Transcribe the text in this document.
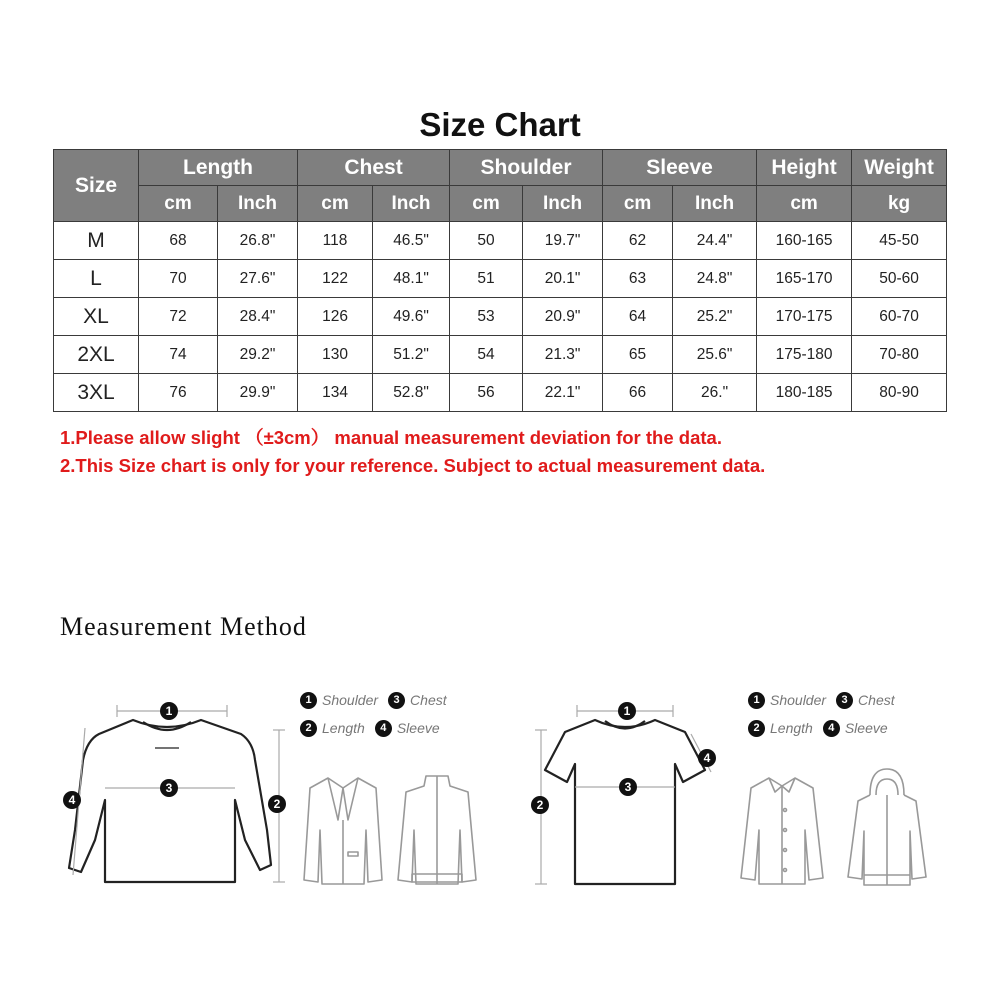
Size Chart
Size	Length		Chest		Shoulder		Sleeve		Height	Weight
	cm	Inch	cm	Inch	cm	Inch	cm	Inch	cm	kg
M	68	26.8"	118	46.5"	50	19.7"	62	24.4"	160-165	45-50
L	70	27.6"	122	48.1"	51	20.1"	63	24.8"	165-170	50-60
XL	72	28.4"	126	49.6"	53	20.9"	64	25.2"	170-175	60-70
2XL	74	29.2"	130	51.2"	54	21.3"	65	25.6"	175-180	70-80
3XL	76	29.9"	134	52.8"	56	22.1"	66	26."	180-185	80-90

1.Please allow slight （±3cm） manual measurement deviation for the data.

2.This Size chart is only for your reference. Subject to actual measurement data.

Measurement Method

1 Shoulder	3 Chest
2 Length	4 Sleeve
1 Shoulder	3 Chest
2 Length	4 Sleeve
1
3
2
4
1
3
2
4
